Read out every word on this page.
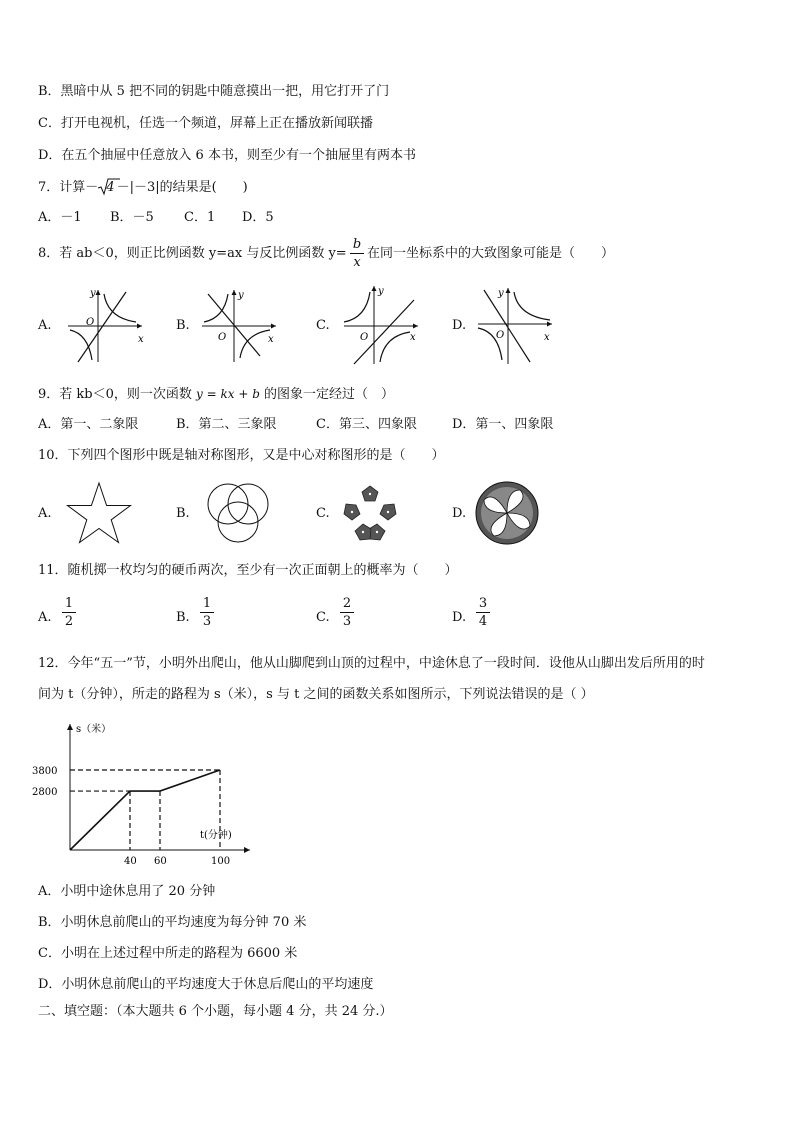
B．黑暗中从 5 把不同的钥匙中随意摸出一把，用它打开了门
C．打开电视机，任选一个频道，屏幕上正在播放新闻联播
D．在五个抽屉中任意放入 6 本书，则至少有一个抽屉里有两本书
7．计算－ 4 －|－3|的结果是(　　)
A．－1 B．－5 C．1 D．5
8．若 ab＜0，则正比例函数 y=ax 与反比例函数 y=
b
x
在同一坐标系中的大致图象可能是（　　）
A.
y
x
O	B.
y
x
O
C.
y
x
O
D.
y
x
O
9．若 kb＜0，则一次函数 y = kx + b 的图象一定经过（　）
A．第一、二象限	B．第二、三象限	C．第三、四象限	D．第一、四象限
10．下列四个图形中既是轴对称图形，又是中心对称图形的是（　　）
A.	B.	C.	D.
11．随机掷一枚均匀的硬币两次，至少有一次正面朝上的概率为（　　）
A.
1
2	B.
1
3	C.
2
3	D.
3
4
12．今年“五一”节，小明外出爬山，他从山脚爬到山顶的过程中，中途休息了一段时间．设他从山脚出发后所用的时
间为 t（分钟），所走的路程为 s（米），s 与 t 之间的函数关系如图所示，下列说法错误的是（ ）
40 60	100
2800
3800
s（米）
t(分钟)
A．小明中途休息用了 20 分钟
B．小明休息前爬山的平均速度为每分钟 70 米
C．小明在上述过程中所走的路程为 6600 米
D．小明休息前爬山的平均速度大于休息后爬山的平均速度
二、填空题：（本大题共 6 个小题，每小题 4 分，共 24 分.）
